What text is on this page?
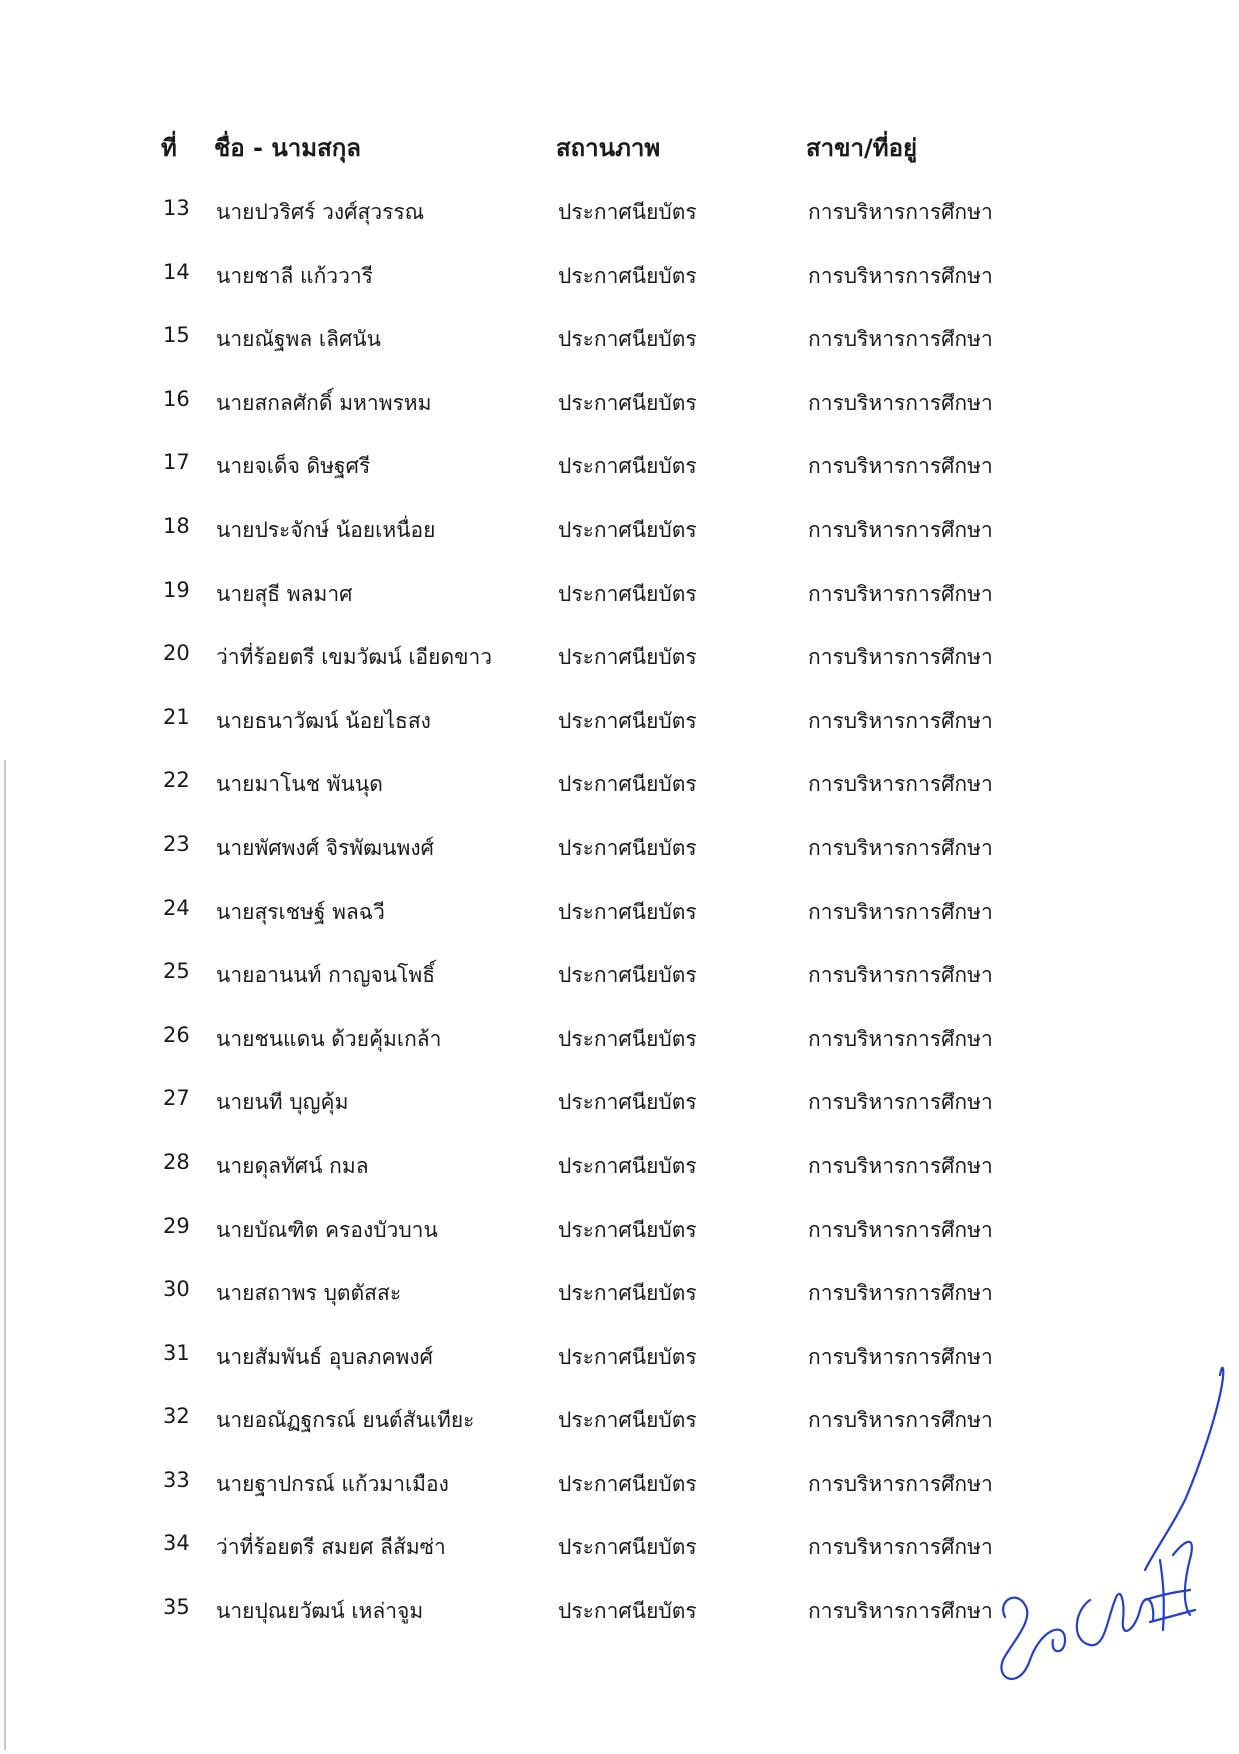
ที่ ชื่อ - นามสกุล	สถานภาพ	สาขา/ที่อยู่
13 นายปวริศร์ วงศ์สุวรรณ	ประกาศนียบัตร	การบริหารการศึกษา
14 นายชาลี แก้ววารี	ประกาศนียบัตร	การบริหารการศึกษา
15 นายณัฐพล เลิศนัน	ประกาศนียบัตร	การบริหารการศึกษา
16 นายสกลศักดิ์ มหาพรหม	ประกาศนียบัตร	การบริหารการศึกษา
17 นายจเด็จ ดิษฐศรี	ประกาศนียบัตร	การบริหารการศึกษา
18 นายประจักษ์ น้อยเหนื่อย	ประกาศนียบัตร	การบริหารการศึกษา
19 นายสุธี พลมาศ	ประกาศนียบัตร	การบริหารการศึกษา
20 ว่าที่ร้อยตรี เขมวัฒน์ เอียดขาว	ประกาศนียบัตร	การบริหารการศึกษา
21 นายธนาวัฒน์ น้อยไธสง	ประกาศนียบัตร	การบริหารการศึกษา
22 นายมาโนช พันนุด	ประกาศนียบัตร	การบริหารการศึกษา
23 นายพัศพงศ์ จิรพัฒนพงศ์	ประกาศนียบัตร	การบริหารการศึกษา
24 นายสุรเชษฐ์ พลฉวี	ประกาศนียบัตร	การบริหารการศึกษา
25 นายอานนท์ กาญจนโพธิ์	ประกาศนียบัตร	การบริหารการศึกษา
26 นายชนแดน ด้วยคุ้มเกล้า	ประกาศนียบัตร	การบริหารการศึกษา
27 นายนที บุญคุ้ม	ประกาศนียบัตร	การบริหารการศึกษา
28 นายดุลทัศน์ กมล	ประกาศนียบัตร	การบริหารการศึกษา
29 นายบัณฑิต ครองบัวบาน	ประกาศนียบัตร	การบริหารการศึกษา
30 นายสถาพร บุตตัสสะ	ประกาศนียบัตร	การบริหารการศึกษา
31 นายสัมพันธ์ อุบลภคพงศ์	ประกาศนียบัตร	การบริหารการศึกษา
32 นายอณัฏฐกรณ์ ยนต์สันเทียะ	ประกาศนียบัตร	การบริหารการศึกษา
33 นายฐาปกรณ์ แก้วมาเมือง	ประกาศนียบัตร	การบริหารการศึกษา
34 ว่าที่ร้อยตรี สมยศ ลีส้มซ่า	ประกาศนียบัตร	การบริหารการศึกษา
35 นายปุณยวัฒน์ เหล่าจูม	ประกาศนียบัตร	การบริหารการศึกษา
